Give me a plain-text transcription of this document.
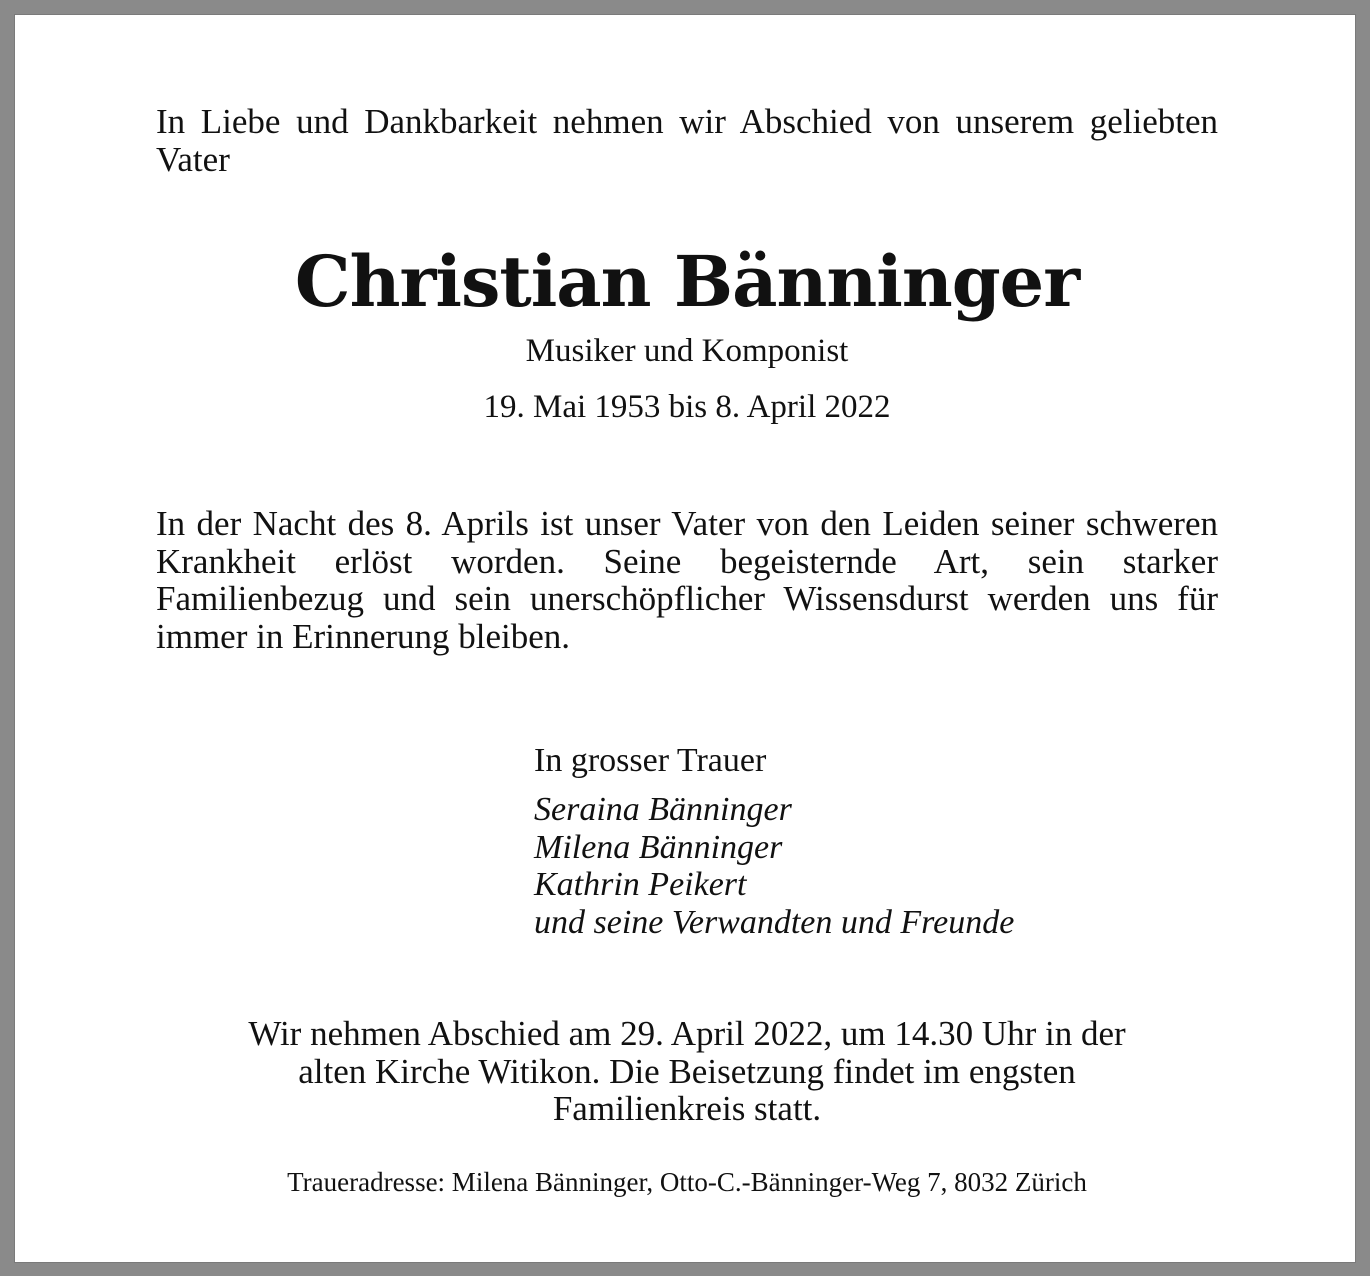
In Liebe und Dankbarkeit nehmen wir Abschied von unserem geliebten Vater

Christian Bänninger

Musiker und Komponist

19. Mai 1953 bis 8. April 2022

In der Nacht des 8. Aprils ist unser Vater von den Leiden seiner schweren Krankheit erlöst worden. Seine begeisternde Art, sein starker Familienbezug und sein unerschöpflicher Wissensdurst werden uns für immer in Erinnerung bleiben.

In grosser Trauer

Seraina Bänninger
Milena Bänninger
Kathrin Peikert
und seine Verwandten und Freunde
Wir nehmen Abschied am 29. April 2022, um 14.30 Uhr in der
alten Kirche Witikon. Die Beisetzung findet im engsten
Familienkreis statt.

Traueradresse: Milena Bänninger, Otto-C.-Bänninger-Weg 7, 8032 Zürich
